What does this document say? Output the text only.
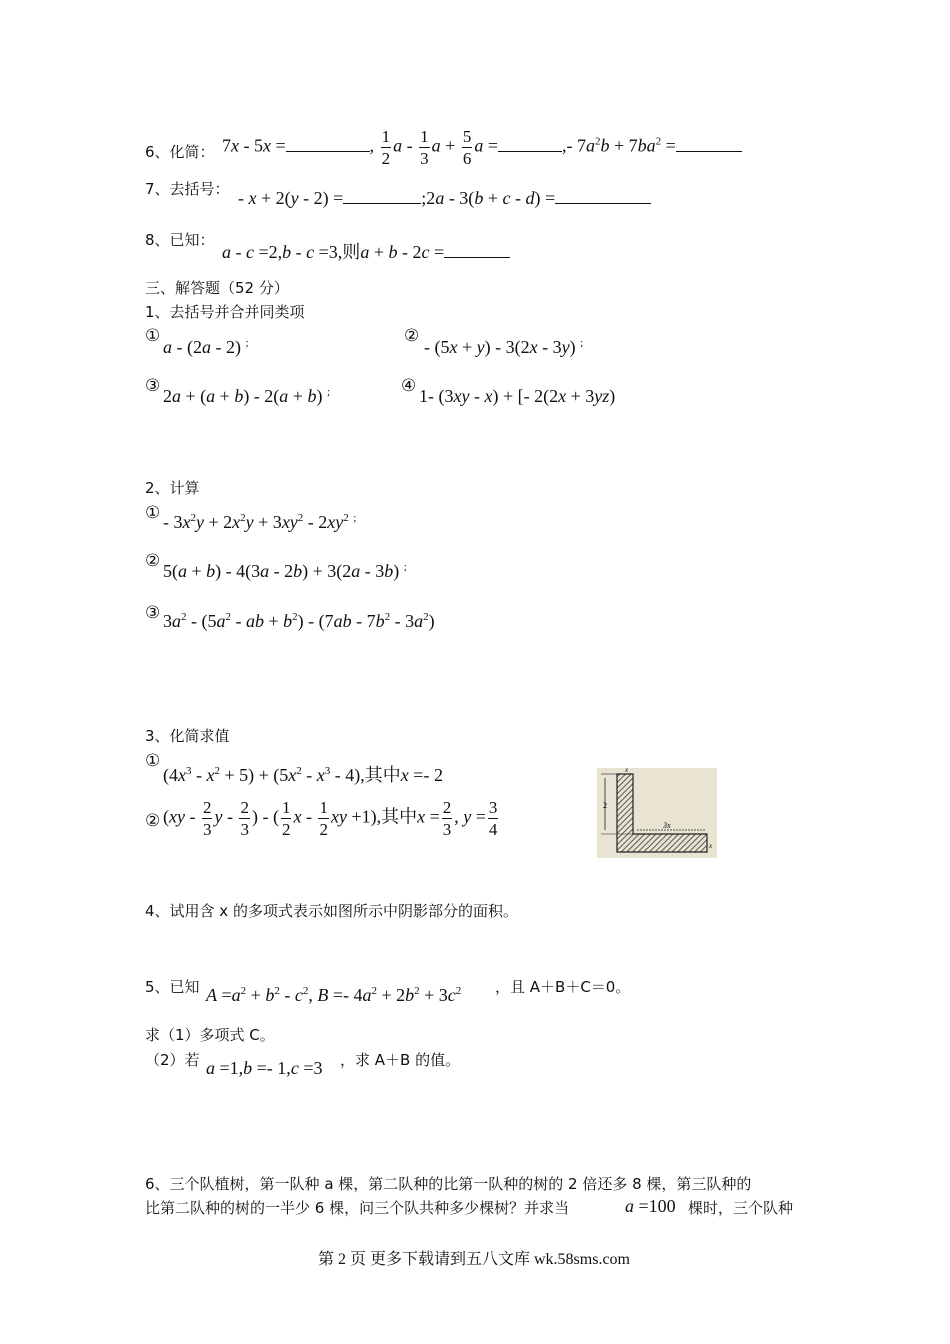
6、化简： 7x - 5x =	, $\frac{1}{2}$ a - $\frac{1}{3}$ $a + \frac{5}{6}$ a =	,- $7a^2b + 7ba^2$ =
7、去括号： - x + 2(y - 2) =	;2a - 3(b + c - d) =
8、已知：
a - c =2,b - c =3,则a + b - 2c =
三、解答题（52 分）
1、去括号并合并同类项
①
a - (2a - 2) ;	②
- (5x + y) - 3(2x - 3y) ;
③ 2a + (a + b) - 2(a + b) ;	④ 1- (3xy - x) + [- 2(2x + 3yz)
2、计算
① - $3x^2y + 2x^2y + 3xy^2 - 2xy^2$ ;
② 5(a + b) - 4(3a - 2b) + 3(2a - 3b) ;
③ $3a^2 - (5a^2$ - ab + $b^2) - (7ab - 7b^2 - 3a^2)$
3、化简求值
①
$(4x^3 - x^2 + 5) + (5x^2 - x^3 - 4)$,其中x =- 2
② ($xy - \frac{2}{3}$ y - $\frac{2}{3}$ ) - ( $\frac{1}{2}$ x - $\frac{1}{2}$ xy +1),其中$x = \frac{2}{3}$ , $y = \frac{3}{4}$
x
2
3x
x
4、试用含 x 的多项式表示如图所示中阴影部分的面积。
5、已知 $A =a^2 + b^2 - c^2$, $B =- 4a^2 + 2b^2 + 3c^2$ ，且 A＋B＋C＝0。
求（1）多项式 C。
（2）若 a =1,b =- 1,c =3 ，求 A＋B 的值。
6、三个队植树，第一队种 a 棵，第二队种的比第一队种的树的 2 倍还多 8 棵，第三队种的
比第二队种的树的一半少 6 棵，问三个队共种多少棵树？并求当	a =100 棵时，三个队种
第 2 页 更多下载请到五八文库 wk.58sms.com
